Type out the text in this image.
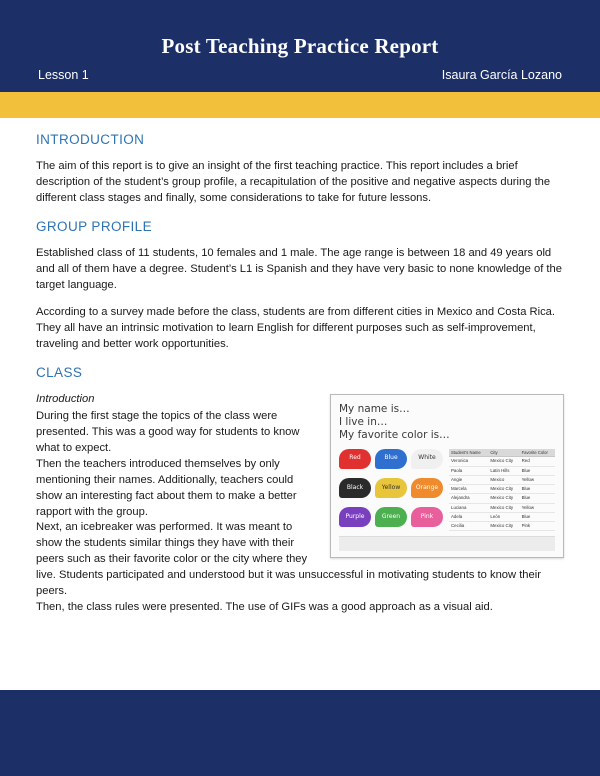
Post Teaching Practice Report
Lesson 1	Isaura García Lozano
INTRODUCTION

The aim of this report is to give an insight of the first teaching practice. This report includes a brief description of the student’s group profile, a recapitulation of the positive and negative aspects during the different class stages and finally, some considerations to take for future lessons.

GROUP PROFILE

Established class of 11 students, 10 females and 1 male. The age range is between 18 and 49 years old and all of them have a degree. Student’s L1 is Spanish and they have very basic to none knowledge of the target language.

According to a survey made before the class, students are from different cities in Mexico and Costa Rica. They all have an intrinsic motivation to learn English for different purposes such as self-improvement, traveling and better work opportunities.

CLASS
My name is…
I live in…
My favorite color is…
Red	Blue	White
Black	Yellow	Orange
Purple	Green	Pink
Student’s Name	City	Favorite Color
Veronica	Mexico City	Red
Paola	Latin Hills	Blue
Angie	Mexico	Yellow
Marcela	Mexico City	Blue
Alejandra	Mexico City	Blue
Luciana	Mexico City	Yellow
Adela	León	Blue
Cecilia	Mexico City	Pink
Introduction
During the first stage the topics of the class were presented. This was a good way for students to know what to expect.
Then the teachers introduced themselves by only mentioning their names. Additionally, teachers could show an interesting fact about them to make a better rapport with the group.
Next, an icebreaker was performed. It was meant to show the students similar things they have with their peers such as their favorite color or the city where they live. Students participated and understood but it was unsuccessful in motivating students to know their peers.
Then, the class rules were presented. The use of GIFs was a good approach as a visual aid.
